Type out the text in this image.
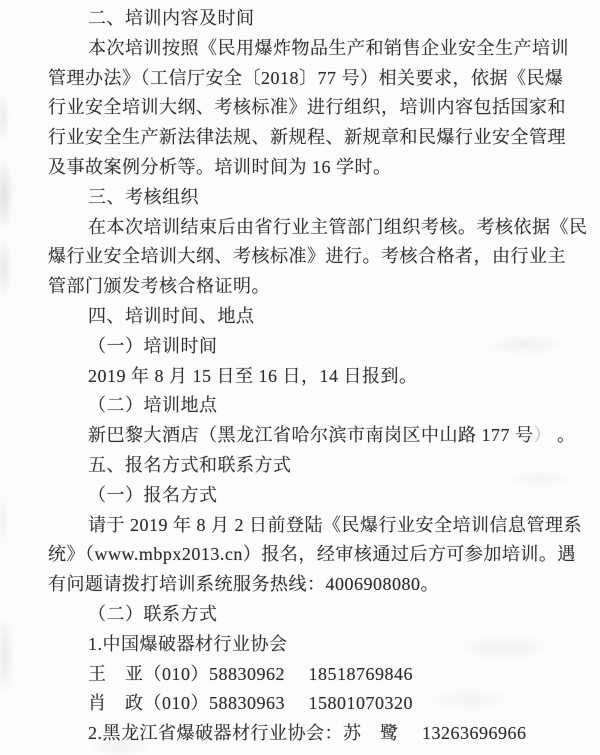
二、培训内容及时间

本次培训按照《民用爆炸物品生产和销售企业安全生产培训

管理办法》（工信厅安全〔2018〕77 号）相关要求，依据《民爆

行业安全培训大纲、考核标准》进行组织，培训内容包括国家和

行业安全生产新法律法规、新规程、新规章和民爆行业安全管理

及事故案例分析等。培训时间为 16 学时。

三、考核组织

在本次培训结束后由省行业主管部门组织考核。考核依据《民

爆行业安全培训大纲、考核标准》进行。考核合格者，由行业主

管部门颁发考核合格证明。

四、培训时间、地点

（一）培训时间

2019 年 8 月 15 日至 16 日，14 日报到。

（二）培训地点

新巴黎大酒店（黑龙江省哈尔滨市南岗区中山路 177 号） 。

五、报名方式和联系方式

（一）报名方式

请于 2019 年 8 月 2 日前登陆《民爆行业安全培训信息管理系

统》（www.mbpx2013.cn）报名，经审核通过后方可参加培训。遇

有问题请拨打培训系统服务热线：4006908080。

（二）联系方式

1.中国爆破器材行业协会

王　亚（010）58830962　 18518769846

肖　政（010）58830963　 15801070320

2.黑龙江省爆破器材行业协会：苏　鹭　 13263696966
